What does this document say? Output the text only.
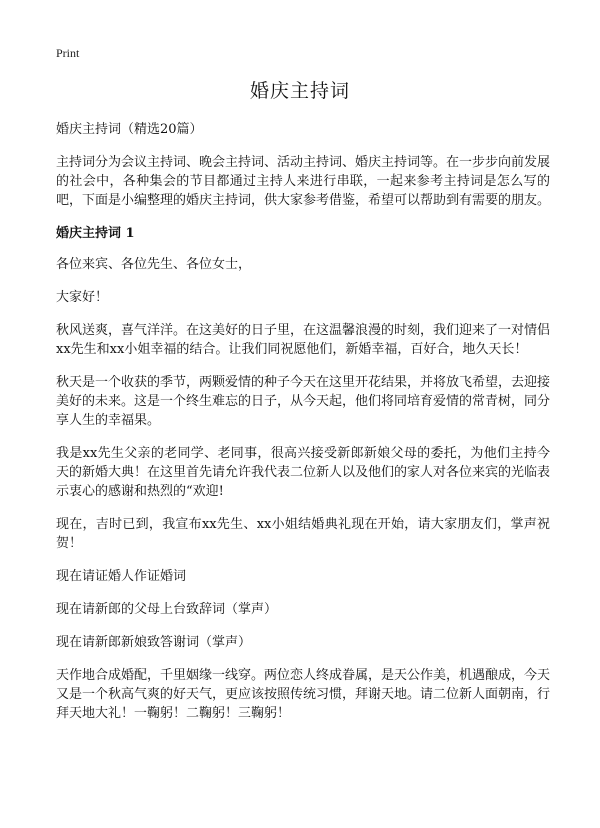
Print
婚庆主持词

婚庆主持词（精选20篇）

主持词分为会议主持词、晚会主持词、活动主持词、婚庆主持词等。在一步步向前发展的社会中，各种集会的节目都通过主持人来进行串联，一起来参考主持词是怎么写的吧，下面是小编整理的婚庆主持词，供大家参考借鉴，希望可以帮助到有需要的朋友。

婚庆主持词 1

各位来宾、各位先生、各位女士，

大家好！

秋风送爽，喜气洋洋。在这美好的日子里，在这温馨浪漫的时刻，我们迎来了一对情侣xx先生和xx小姐幸福的结合。让我们同祝愿他们，新婚幸福，百好合，地久天长！

秋天是一个收获的季节，两颗爱情的种子今天在这里开花结果，并将放飞希望，去迎接美好的未来。这是一个终生难忘的日子，从今天起，他们将同培育爱情的常青树，同分享人生的幸福果。

我是xx先生父亲的老同学、老同事，很高兴接受新郎新娘父母的委托，为他们主持今天的新婚大典！在这里首先请允许我代表二位新人以及他们的家人对各位来宾的光临表示衷心的感谢和热烈的“欢迎!

现在，吉时已到，我宣布xx先生、xx小姐结婚典礼现在开始，请大家朋友们，掌声祝贺！

现在请证婚人作证婚词

现在请新郎的父母上台致辞词（掌声）

现在请新郎新娘致答谢词（掌声）

天作地合成婚配，千里姻缘一线穿。两位恋人终成眷属，是天公作美，机遇酿成，今天又是一个秋高气爽的好天气，更应该按照传统习惯，拜谢天地。请二位新人面朝南，行拜天地大礼！一鞠躬！二鞠躬！三鞠躬！
